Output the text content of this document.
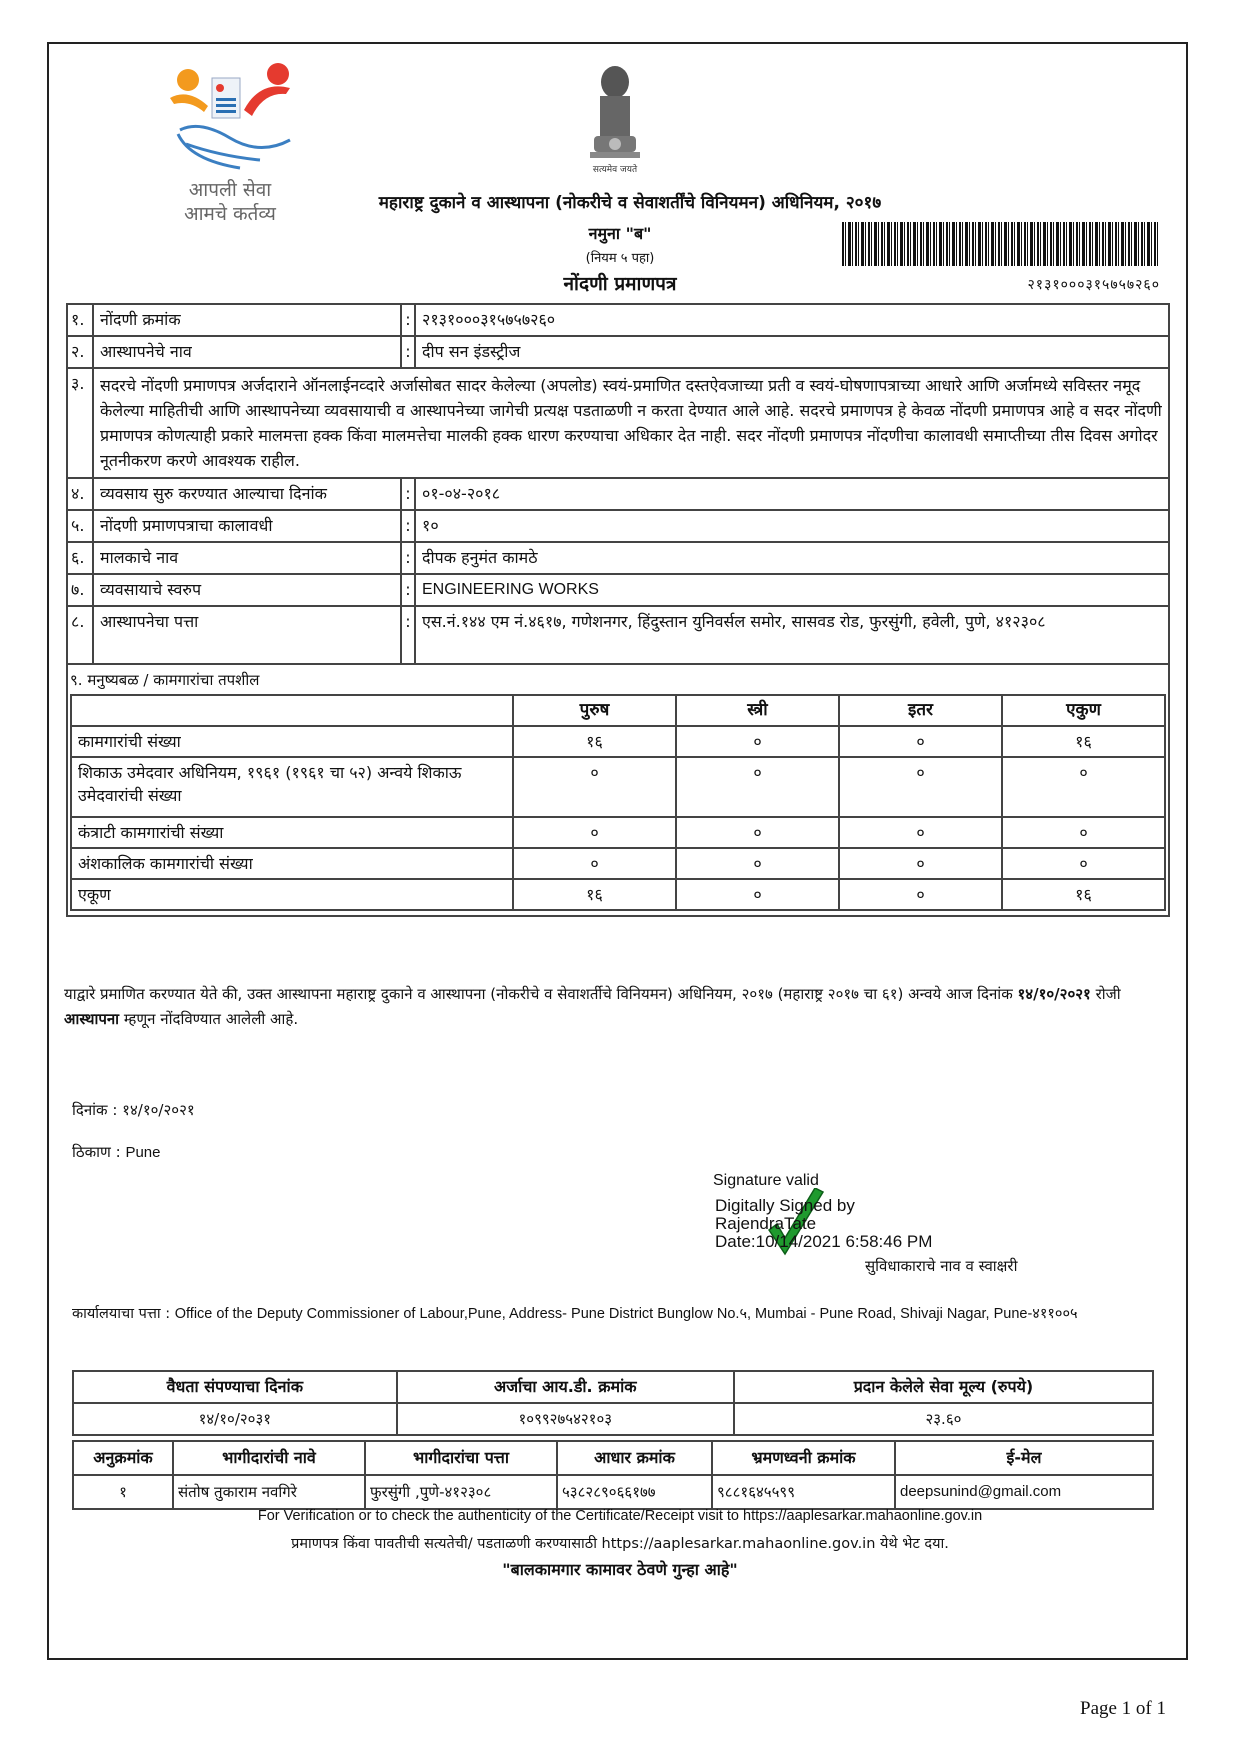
आपली सेवा
आमचे कर्तव्य
सत्यमेव जयते
महाराष्ट्र दुकाने व आस्थापना (नोकरीचे व सेवाशर्तींचे विनियमन) अधिनियम, २०१७
नमुना "ब"
(नियम ५ पहा)
नोंदणी प्रमाणपत्र	२१३१०००३१५७५७२६०
१.	नोंदणी क्रमांक	:	२१३१०००३१५७५७२६०
२.	आस्थापनेचे नाव	:	दीप सन इंडस्ट्रीज
३.	सदरचे नोंदणी प्रमाणपत्र अर्जदाराने ऑनलाईनव्दारे अर्जासोबत सादर केलेल्या (अपलोड) स्वयं-प्रमाणित दस्तऐवजाच्या प्रती व स्वयं-घोषणापत्राच्या आधारे आणि अर्जामध्ये सविस्तर नमूद केलेल्या माहितीची आणि आस्थापनेच्या व्यवसायाची व आस्थापनेच्या जागेची प्रत्यक्ष पडताळणी न करता देण्यात आले आहे. सदरचे प्रमाणपत्र हे केवळ नोंदणी प्रमाणपत्र आहे व सदर नोंदणी प्रमाणपत्र कोणत्याही प्रकारे मालमत्ता हक्क किंवा मालमत्तेचा मालकी हक्क धारण करण्याचा अधिकार देत नाही. सदर नोंदणी प्रमाणपत्र नोंदणीचा कालावधी समाप्तीच्या तीस दिवस अगोदर नूतनीकरण करणे आवश्यक राहील.
४.	व्यवसाय सुरु करण्यात आल्याचा दिनांक	:	०१-०४-२०१८
५.	नोंदणी प्रमाणपत्राचा कालावधी	:	१०
६.	मालकाचे नाव	:	दीपक हनुमंत कामठे
७.	व्यवसायाचे स्वरुप	:	ENGINEERING WORKS
८.	आस्थापनेचा पत्ता	:	एस.नं.१४४ एम नं.४६१७, गणेशनगर, हिंदुस्तान युनिवर्सल समोर, सासवड रोड, फुरसुंगी, हवेली, पुणे, ४१२३०८

९. मनुष्यबळ / कामगारांचा तपशील
	पुरुष	स्त्री	इतर	एकुण
कामगारांची संख्या	१६	०	०	१६
शिकाऊ उमेदवार अधिनियम, १९६१ (१९६१ चा ५२) अन्वये शिकाऊ उमेदवारांची संख्या	०	०	०	०
कंत्राटी कामगारांची संख्या	०	०	०	०
अंशकालिक कामगारांची संख्या	०	०	०	०
एकूण	१६	०	०	१६
याद्वारे प्रमाणित करण्यात येते की, उक्त आस्थापना महाराष्ट्र दुकाने व आस्थापना (नोकरीचे व सेवाशर्तीचे विनियमन) अधिनियम, २०१७ (महाराष्ट्र २०१७ चा ६१) अन्वये आज दिनांक १४/१०/२०२१ रोजी आस्थापना म्हणून नोंदविण्यात आलेली आहे.
दिनांक : १४/१०/२०२१
ठिकाण : Pune
Signature valid
Digitally Signed by
RajendraTate
Date:10/14/2021 6:58:46 PM
सुविधाकाराचे नाव व स्वाक्षरी
कार्यालयाचा पत्ता : Office of the Deputy Commissioner of Labour,Pune, Address- Pune District Bunglow No.५, Mumbai - Pune Road, Shivaji Nagar, Pune-४११००५
वैधता संपण्याचा दिनांक	अर्जाचा आय.डी. क्रमांक	प्रदान केलेले सेवा मूल्य (रुपये)
१४/१०/२०३१	१०९९२७५४२१०३	२३.६०
अनुक्रमांक	भागीदारांची नावे	भागीदारांचा पत्ता	आधार क्रमांक	भ्रमणध्वनी क्रमांक	ई-मेल
१	संतोष तुकाराम नवगिरे	फुरसुंगी ,पुणे-४१२३०८	५३८२८९०६६१७७	९८८१६४५५९९	deepsunind@gmail.com
For Verification or to check the authenticity of the Certificate/Receipt visit to https://aaplesarkar.mahaonline.gov.in
प्रमाणपत्र किंवा पावतीची सत्यतेची/ पडताळणी करण्यासाठी https://aaplesarkar.mahaonline.gov.in येथे भेट दया.
"बालकामगार कामावर ठेवणे गुन्हा आहे"
Page 1 of 1
